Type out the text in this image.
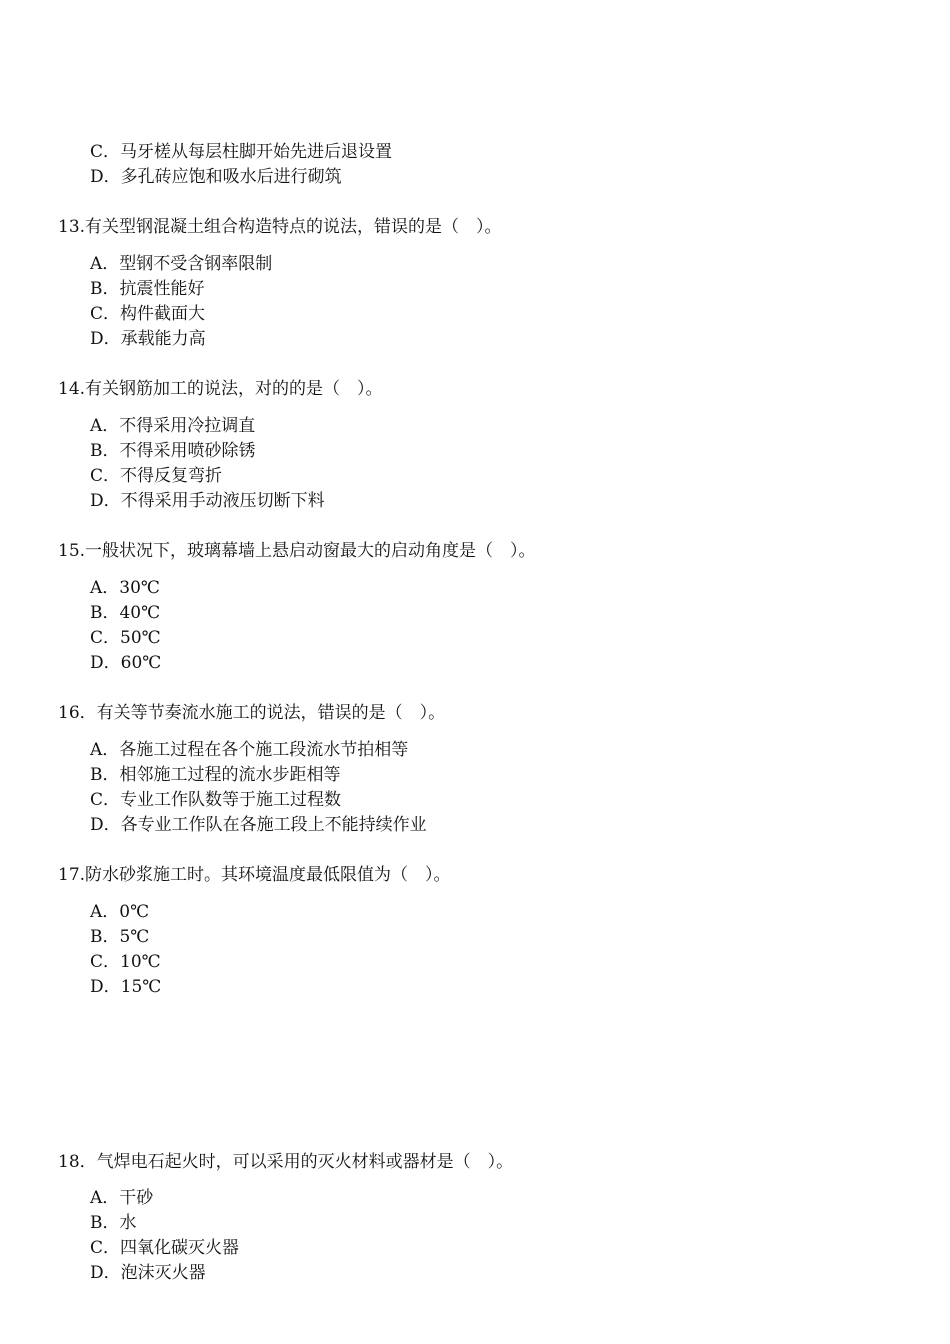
C．马牙槎从每层柱脚开始先进后退设置
D．多孔砖应饱和吸水后进行砌筑
13.有关型钢混凝土组合构造特点的说法，错误的是（　）。
A．型钢不受含钢率限制
B．抗震性能好
C．构件截面大
D．承载能力高
14.有关钢筋加工的说法，对的的是（　）。
A．不得采用冷拉调直
B．不得采用喷砂除锈
C．不得反复弯折
D．不得采用手动液压切断下料
15.一般状况下，玻璃幕墙上悬启动窗最大的启动角度是（　）。
A．30℃
B．40℃
C．50℃
D．60℃
16．有关等节奏流水施工的说法，错误的是（　）。
A．各施工过程在各个施工段流水节拍相等
B．相邻施工过程的流水步距相等
C．专业工作队数等于施工过程数
D．各专业工作队在各施工段上不能持续作业
17.防水砂浆施工时。其环境温度最低限值为（　）。
A．0℃
B．5℃
C．10℃
D．15℃
18．气焊电石起火时，可以采用的灭火材料或器材是（　）。
A．干砂
B．水
C．四氧化碳灭火器
D．泡沫灭火器
